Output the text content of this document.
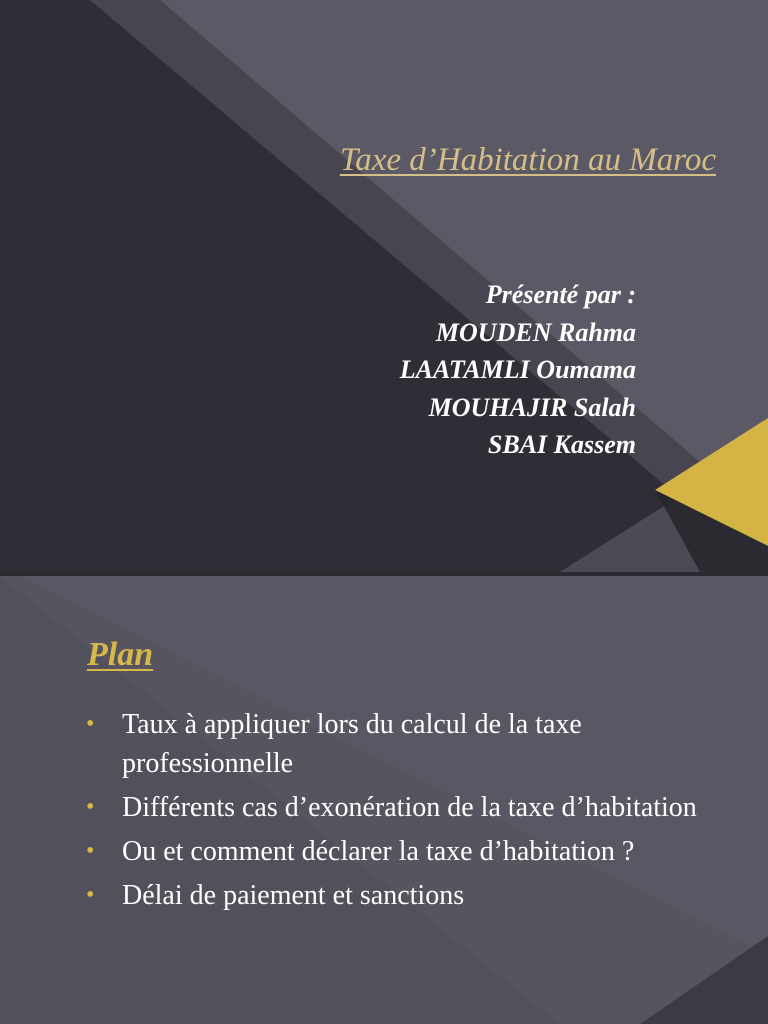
Taxe d’Habitation au Maroc
Présenté par :
MOUDEN Rahma
LAATAMLI Oumama
MOUHAJIR Salah
SBAI Kassem
Plan
• Taux à appliquer lors du calcul de la taxe professionnelle
• Différents cas d’exonération de la taxe d’habitation
• Ou et comment déclarer la taxe d’habitation ?
• Délai de paiement et sanctions
